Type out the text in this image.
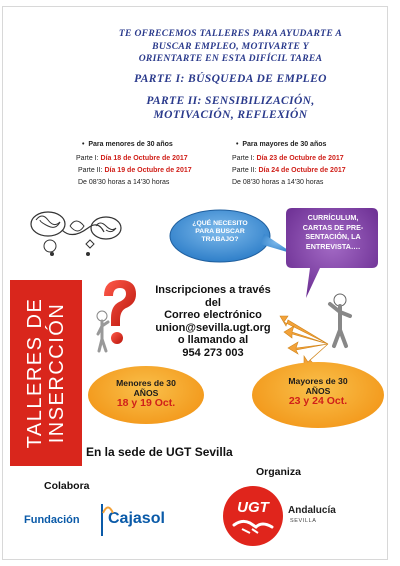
TE OFRECEMOS TALLERES PARA AYUDARTE A
BUSCAR EMPLEO, MOTIVARTE Y
ORIENTARTE EN ESTA DIFÍCIL TAREA
PARTE I: BÚSQUEDA DE EMPLEO
PARTE II: SENSIBILIZACIÓN,
MOTIVACIÓN, REFLEXIÓN
• Para menores de 30 años
Parte I: Día 18 de Octubre de 2017
Parte II: Día 19 de Octubre de 2017
De 08'30 horas a 14'30 horas
• Para mayores de 30 años
Parte I: Día 23 de Octubre de 2017
Parte II: Día 24 de Octubre de 2017
De 08'30 horas a 14'30 horas
¿QUÉ NECESITO
PARA BUSCAR
TRABAJO?
CURRÍCULUM,
CARTAS DE PRE-
SENTACIÓN, LA
ENTREVISTA….
Inscripciones a través
del
Correo electrónico
union@sevilla.ugt.org
o llamando al
954 273 003
TALLERES DE INSERCCIÓN	Menores de 30
AÑOS
18 y 19 Oct.
Mayores de 30
AÑOS
23 y 24 Oct.
En la sede de UGT Sevilla
Organiza
Colabora
Fundación Cajasol
UGT Andalucía
SEVILLA
